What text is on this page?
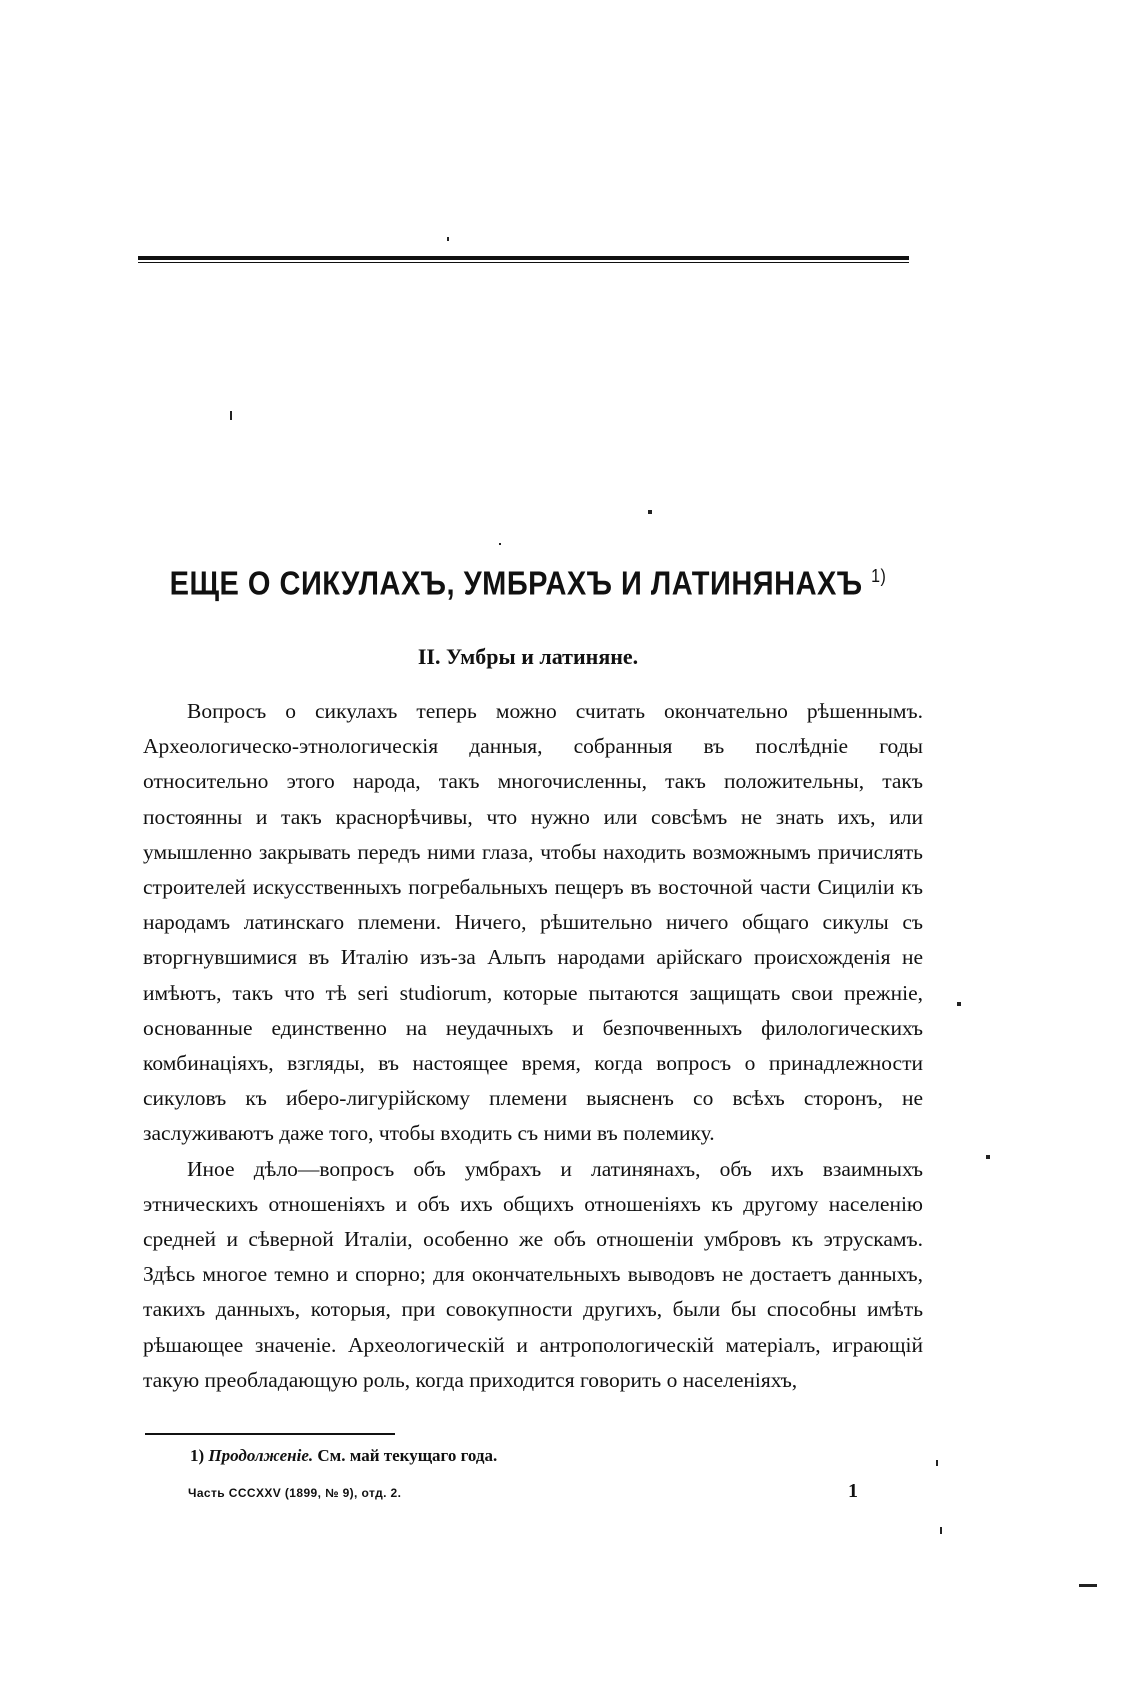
ЕЩЕ О СИКУЛАХЪ, УМБРАХЪ И ЛАТИНЯНАХЪ $^{1)}$
II. Умбры и латиняне.

Вопросъ о сикулахъ теперь можно считать окончательно рѣшеннымъ. Археологическо-этнологическія данныя, собранныя въ послѣдніе годы относительно этого народа, такъ многочисленны, такъ положительны, такъ постоянны и такъ краснорѣчивы, что нужно или совсѣмъ не знать ихъ, или умышленно закрывать передъ ними глаза, чтобы находить возможнымъ причислять строителей искусственныхъ погребальныхъ пещеръ въ восточной части Сициліи къ народамъ латинскаго племени. Ничего, рѣшительно ничего общаго сикулы съ вторгнувшимися въ Италію изъ-за Альпъ народами арійскаго происхожденія не имѣютъ, такъ что тѣ seri studiorum, которые пытаются защищать свои прежніе, основанные единственно на неудачныхъ и безпочвенныхъ филологическихъ комбинаціяхъ, взгляды, въ настоящее время, когда вопросъ о принадлежности сикуловъ къ иберо-лигурійскому племени выясненъ со всѣхъ сторонъ, не заслуживаютъ даже того, чтобы входить съ ними въ полемику.

Иное дѣло—вопросъ объ умбрахъ и латинянахъ, объ ихъ взаимныхъ этническихъ отношеніяхъ и объ ихъ общихъ отношеніяхъ къ другому населенію средней и сѣверной Италіи, особенно же объ отношеніи умбровъ къ этрускамъ. Здѣсь многое темно и спорно; для окончательныхъ выводовъ не достаетъ данныхъ, такихъ данныхъ, которыя, при совокупности другихъ, были бы способны имѣть рѣшающее значеніе. Археологическій и антропологическій матеріалъ, играющій такую преобладающую роль, когда приходится говорить о населеніяхъ,

1) Продолженіе. См. май текущаго года.
Часть CCCXXV (1899, № 9), отд. 2.	1
